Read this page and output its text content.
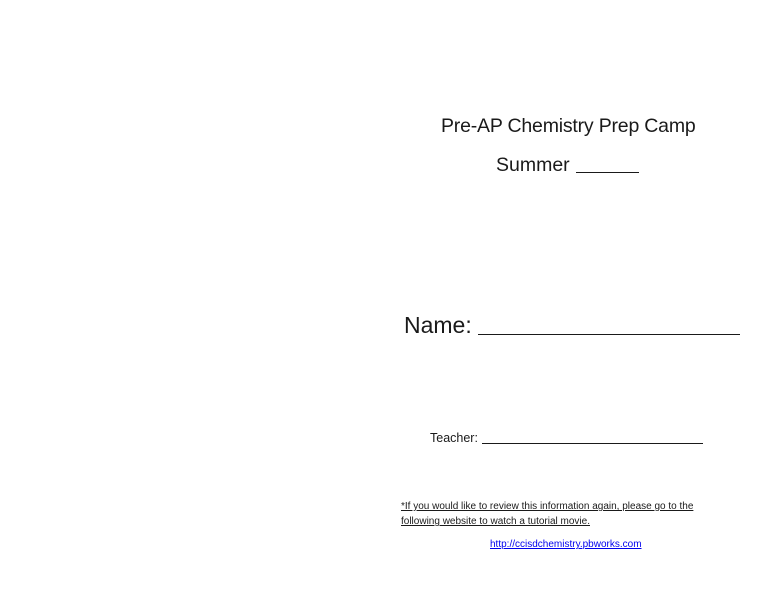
Pre-AP Chemistry Prep Camp
Summer
Name:
Teacher:
*If you would like to review this information again, please go to the following website to watch a tutorial movie.
http://ccisdchemistry.pbworks.com
